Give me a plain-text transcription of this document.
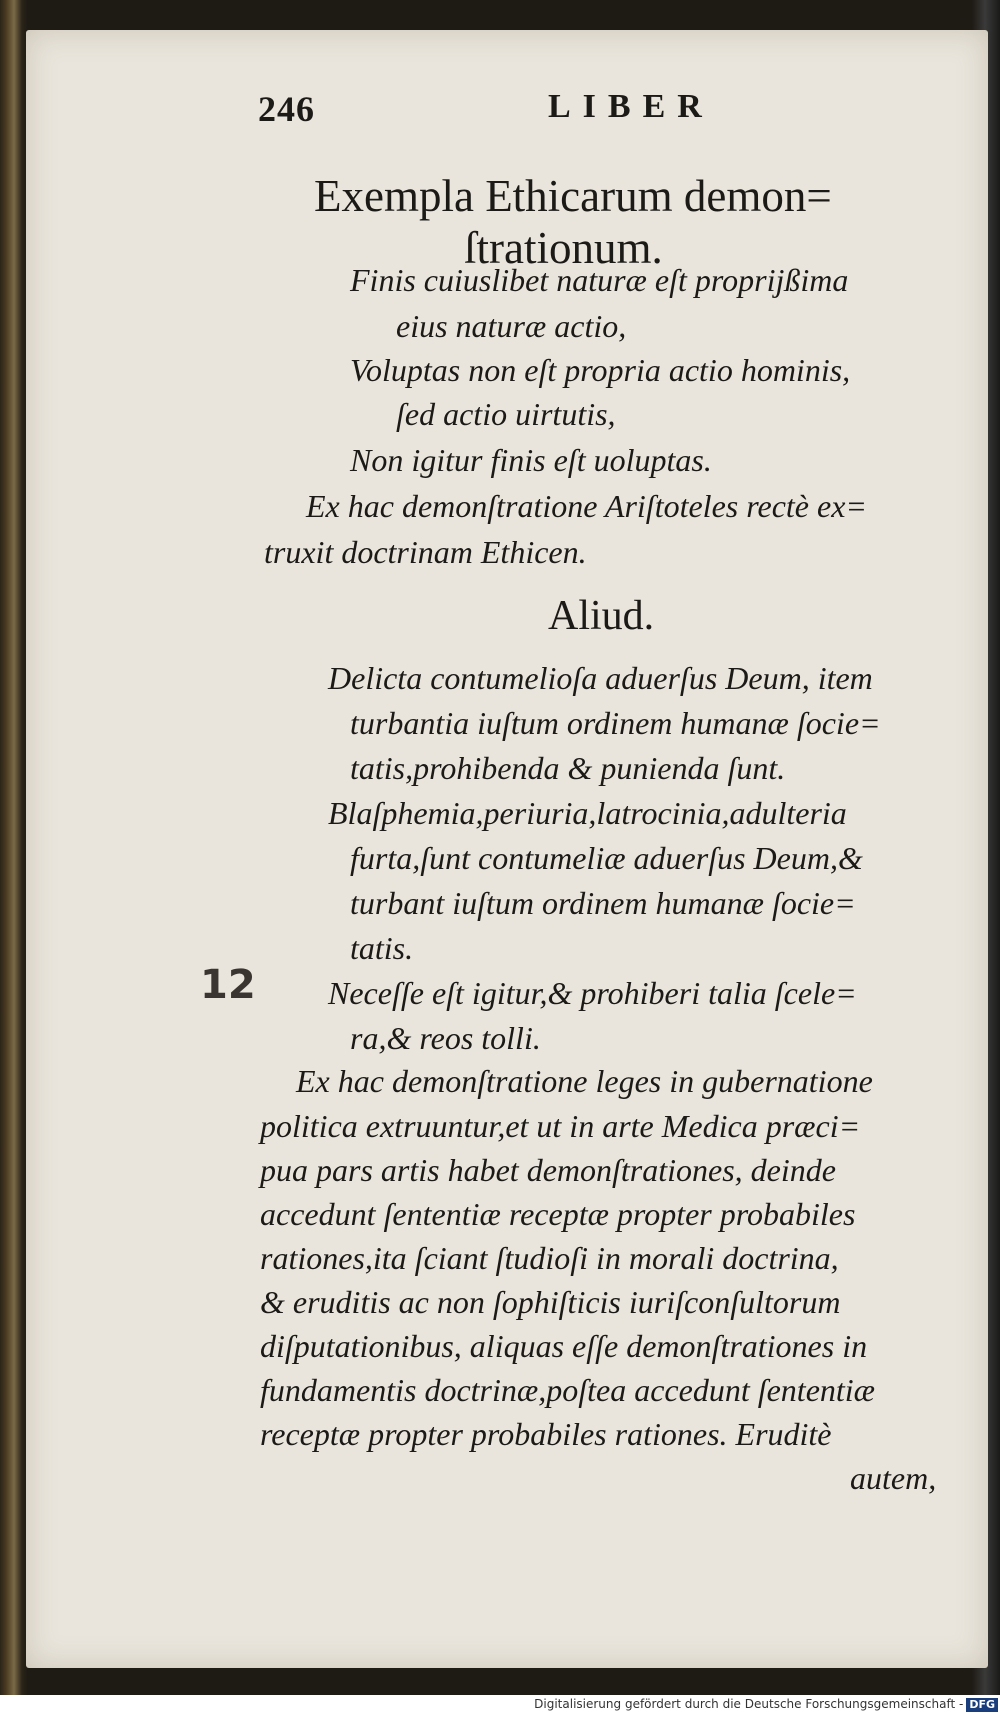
246	LIBER
Exempla Ethicarum demon=
ſtrationum.
Finis cuiuslibet naturæ eſt proprijßima
eius naturæ actio,
Voluptas non eſt propria actio hominis,
ſed actio uirtutis,
Non igitur finis eſt uoluptas.
Ex hac demonſtratione Ariſtoteles rectè ex=
truxit doctrinam Ethicen.
Aliud.
Delicta contumelioſa aduerſus Deum, item
turbantia iuſtum ordinem humanæ ſocie=
tatis,prohibenda & punienda ſunt.
Blaſphemia,periuria,latrocinia,adulteria
furta,ſunt contumeliæ aduerſus Deum,&
turbant iuſtum ordinem humanæ ſocie=
tatis.
Neceſſe eſt igitur,& prohiberi talia ſcele=
ra,& reos tolli.
12
Ex hac demonſtratione leges in gubernatione
politica extruuntur,et ut in arte Medica præci=
pua pars artis habet demonſtrationes, deinde
accedunt ſententiæ receptæ propter probabiles
rationes,ita ſciant ſtudioſi in morali doctrina,
& eruditis ac non ſophiſticis iuriſconſultorum
diſputationibus, aliquas eſſe demonſtrationes in
fundamentis doctrinæ,poſtea accedunt ſententiæ
receptæ propter probabiles rationes. Eruditè
autem,
Digitalisierung gefördert durch die Deutsche Forschungsgemeinschaft - DFG
